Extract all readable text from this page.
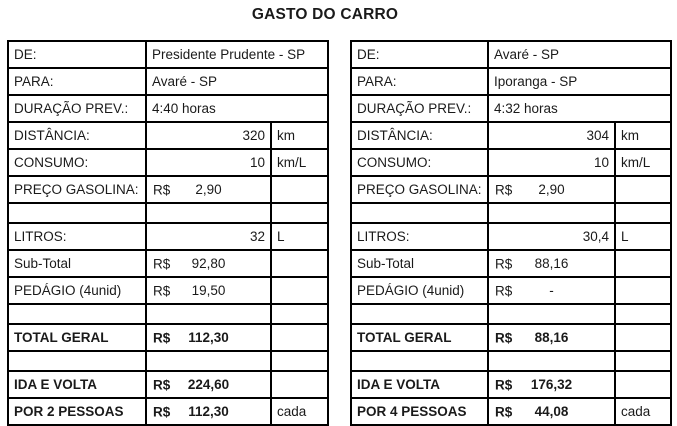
GASTO DO CARRO
DE:	Presidente Prudente - SP	
PARA:	Avaré - SP	
DURAÇÃO PREV.:	4:40 horas	
DISTÂNCIA:	320	km
CONSUMO:	10	km/L
PREÇO GASOLINA:	R$ 2,90	

LITROS:	32	L
Sub-Total	R$ 92,80	
PEDÁGIO (4unid)	R$ 19,50	

TOTAL GERAL	R$ 112,30	

IDA E VOLTA	R$ 224,60	
POR 2 PESSOAS	R$ 112,30	cada
DE:	Avaré - SP	
PARA:	Iporanga - SP	
DURAÇÃO PREV.:	4:32 horas	
DISTÂNCIA:	304	km
CONSUMO:	10	km/L
PREÇO GASOLINA:	R$ 2,90	

LITROS:	30,4	L
Sub-Total	R$ 88,16	
PEDÁGIO (4unid)	R$ -	

TOTAL GERAL	R$ 88,16	

IDA E VOLTA	R$ 176,32	
POR 4 PESSOAS	R$ 44,08	cada
